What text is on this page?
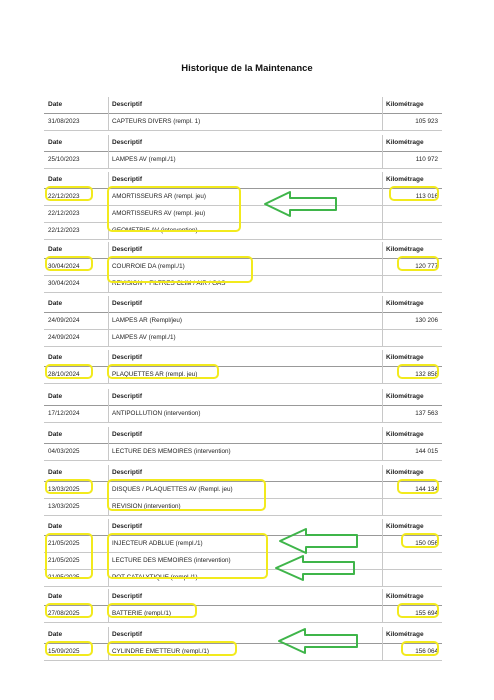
Historique de la Maintenance
Date	Descriptif	Kilométrage
31/08/2023	CAPTEURS DIVERS (rempl. 1)	105 923
Date	Descriptif	Kilométrage
25/10/2023	LAMPES AV (rempl./1)	110 972
Date	Descriptif	Kilométrage
22/12/2023	AMORTISSEURS AR (rempl. jeu)	113 016
22/12/2023	AMORTISSEURS AV (rempl. jeu)
22/12/2023	GEOMETRIE AV (intervention)
Date	Descriptif	Kilométrage
30/04/2024	COURROIE DA (rempl./1)	120 777
30/04/2024	REVISION + FILTRES CLIM / AIR / GAS
Date	Descriptif	Kilométrage
24/09/2024	LAMPES AR (Rempl/jeu)	130 206
24/09/2024	LAMPES AV (rempl./1)
Date	Descriptif	Kilométrage
28/10/2024	PLAQUETTES AR (rempl. jeu)	132 858
Date	Descriptif	Kilométrage
17/12/2024	ANTIPOLLUTION (intervention)	137 563
Date	Descriptif	Kilométrage
04/03/2025	LECTURE DES MEMOIRES (intervention)	144 015
Date	Descriptif	Kilométrage
13/03/2025	DISQUES / PLAQUETTES AV (Rempl. jeu)	144 134
13/03/2025	REVISION (intervention)
Date	Descriptif	Kilométrage
21/05/2025	INJECTEUR ADBLUE (rempl./1)	150 056
21/05/2025	LECTURE DES MEMOIRES (intervention)
21/05/2025	POT CATALYTIQUE (rempl./1)
Date	Descriptif	Kilométrage
27/08/2025	BATTERIE (rempl./1)	155 694
Date	Descriptif	Kilométrage
15/09/2025	CYLINDRE EMETTEUR (rempl./1)	156 064
